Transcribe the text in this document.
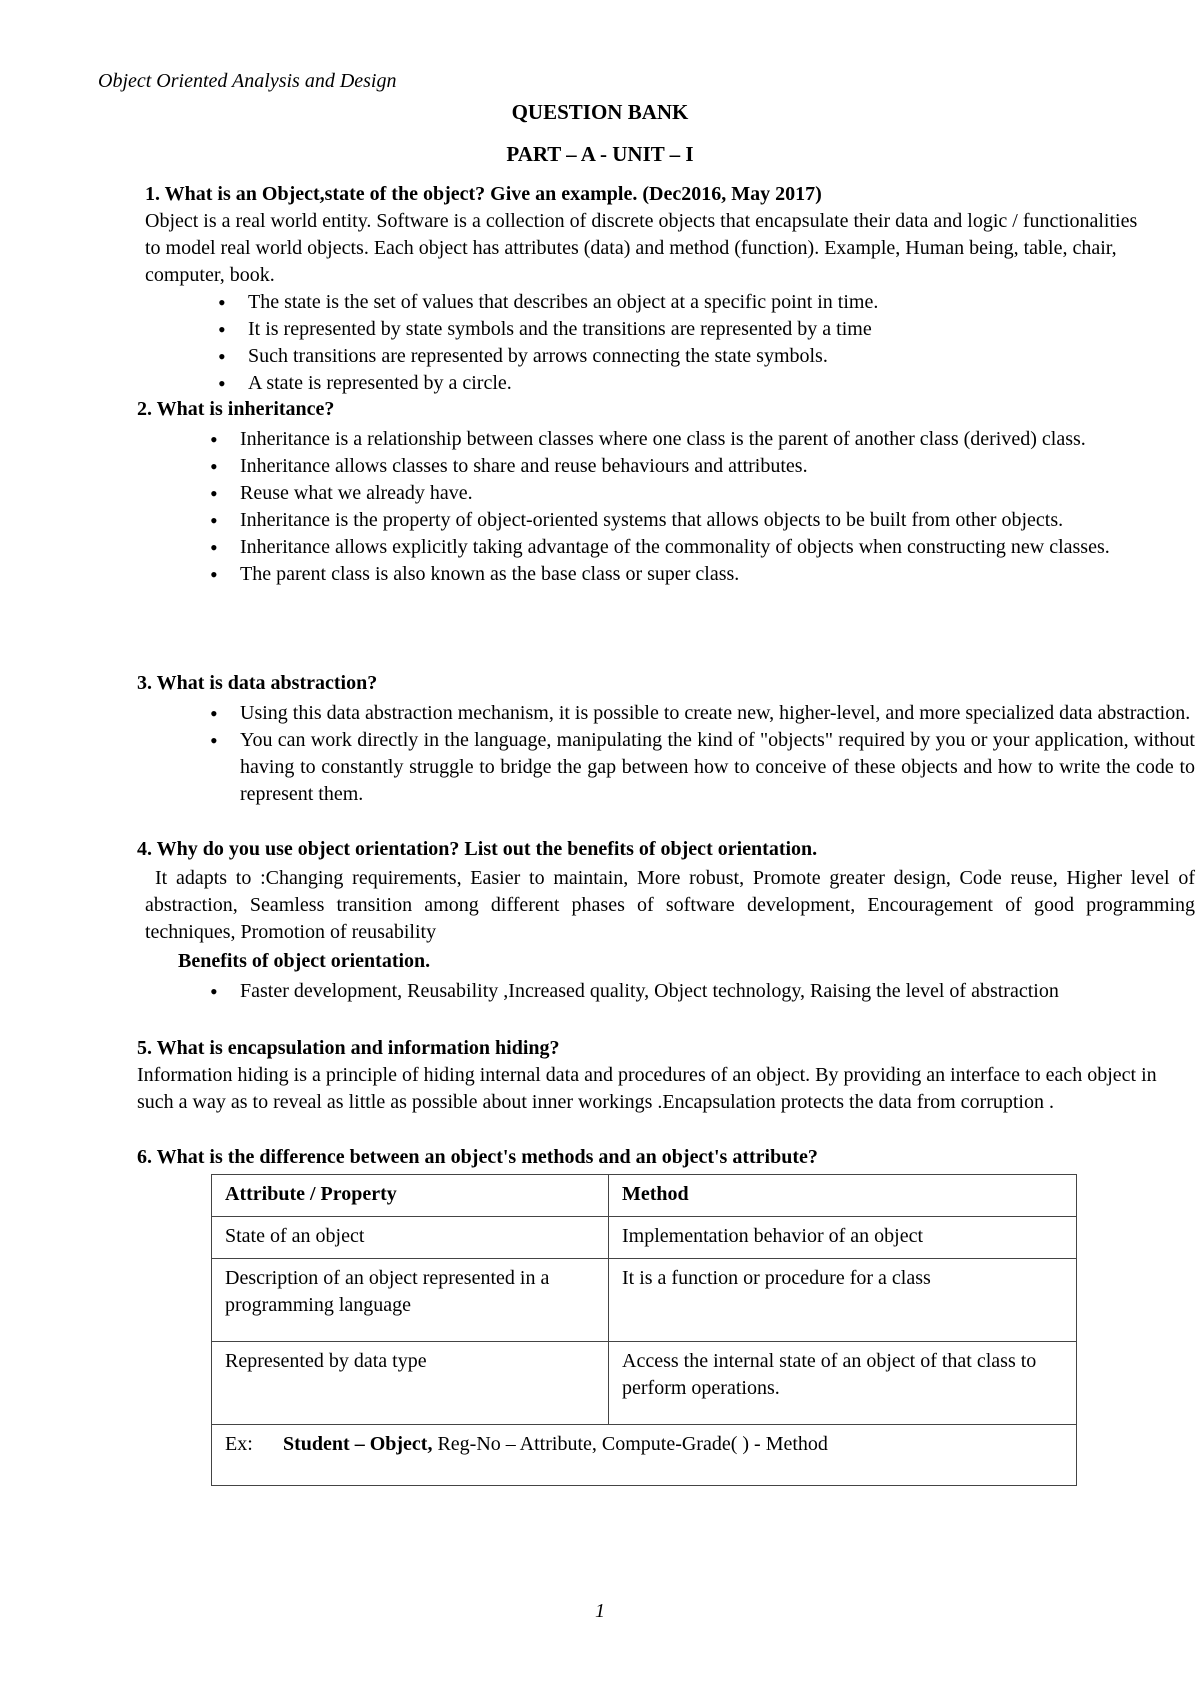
Object Oriented Analysis and Design
QUESTION BANK
PART – A - UNIT – I
1. What is an Object,state of the object? Give an example. (Dec2016, May 2017)
Object is a real world entity. Software is a collection of discrete objects that encapsulate their data and logic / functionalities to model real world objects. Each object has attributes (data) and method (function). Example, Human being, table, chair, computer, book.
• The state is the set of values that describes an object at a specific point in time.
• It is represented by state symbols and the transitions are represented by a time
• Such transitions are represented by arrows connecting the state symbols.
• A state is represented by a circle.
2. What is inheritance?
• Inheritance is a relationship between classes where one class is the parent of another class (derived) class.
• Inheritance allows classes to share and reuse behaviours and attributes.
• Reuse what we already have.
• Inheritance is the property of object-oriented systems that allows objects to be built from other objects.
• Inheritance allows explicitly taking advantage of the commonality of objects when constructing new classes.
• The parent class is also known as the base class or super class.
3. What is data abstraction?
• Using this data abstraction mechanism, it is possible to create new, higher-level, and more specialized data abstraction.
• You can work directly in the language, manipulating the kind of "objects" required by you or your application, without having to constantly struggle to bridge the gap between how to conceive of these objects and how to write the code to represent them.
4. Why do you use object orientation? List out the benefits of object orientation.
It adapts to :Changing requirements, Easier to maintain, More robust, Promote greater design, Code reuse, Higher level of abstraction, Seamless transition among different phases of software development, Encouragement of good programming techniques, Promotion of reusability
Benefits of object orientation.
• Faster development, Reusability ,Increased quality, Object technology, Raising the level of abstraction
5. What is encapsulation and information hiding?
Information hiding is a principle of hiding internal data and procedures of an object. By providing an interface to each object in such a way as to reveal as little as possible about inner workings .Encapsulation protects the data from corruption .
6. What is the difference between an object's methods and an object's attribute?
Attribute / Property	Method
State of an object	Implementation behavior of an object
Description of an object represented in a programming language	It is a function or procedure for a class
Represented by data type	Access the internal state of an object of that class to perform operations.
Ex: Student – Object, Reg-No – Attribute, Compute-Grade( ) - Method	
1
